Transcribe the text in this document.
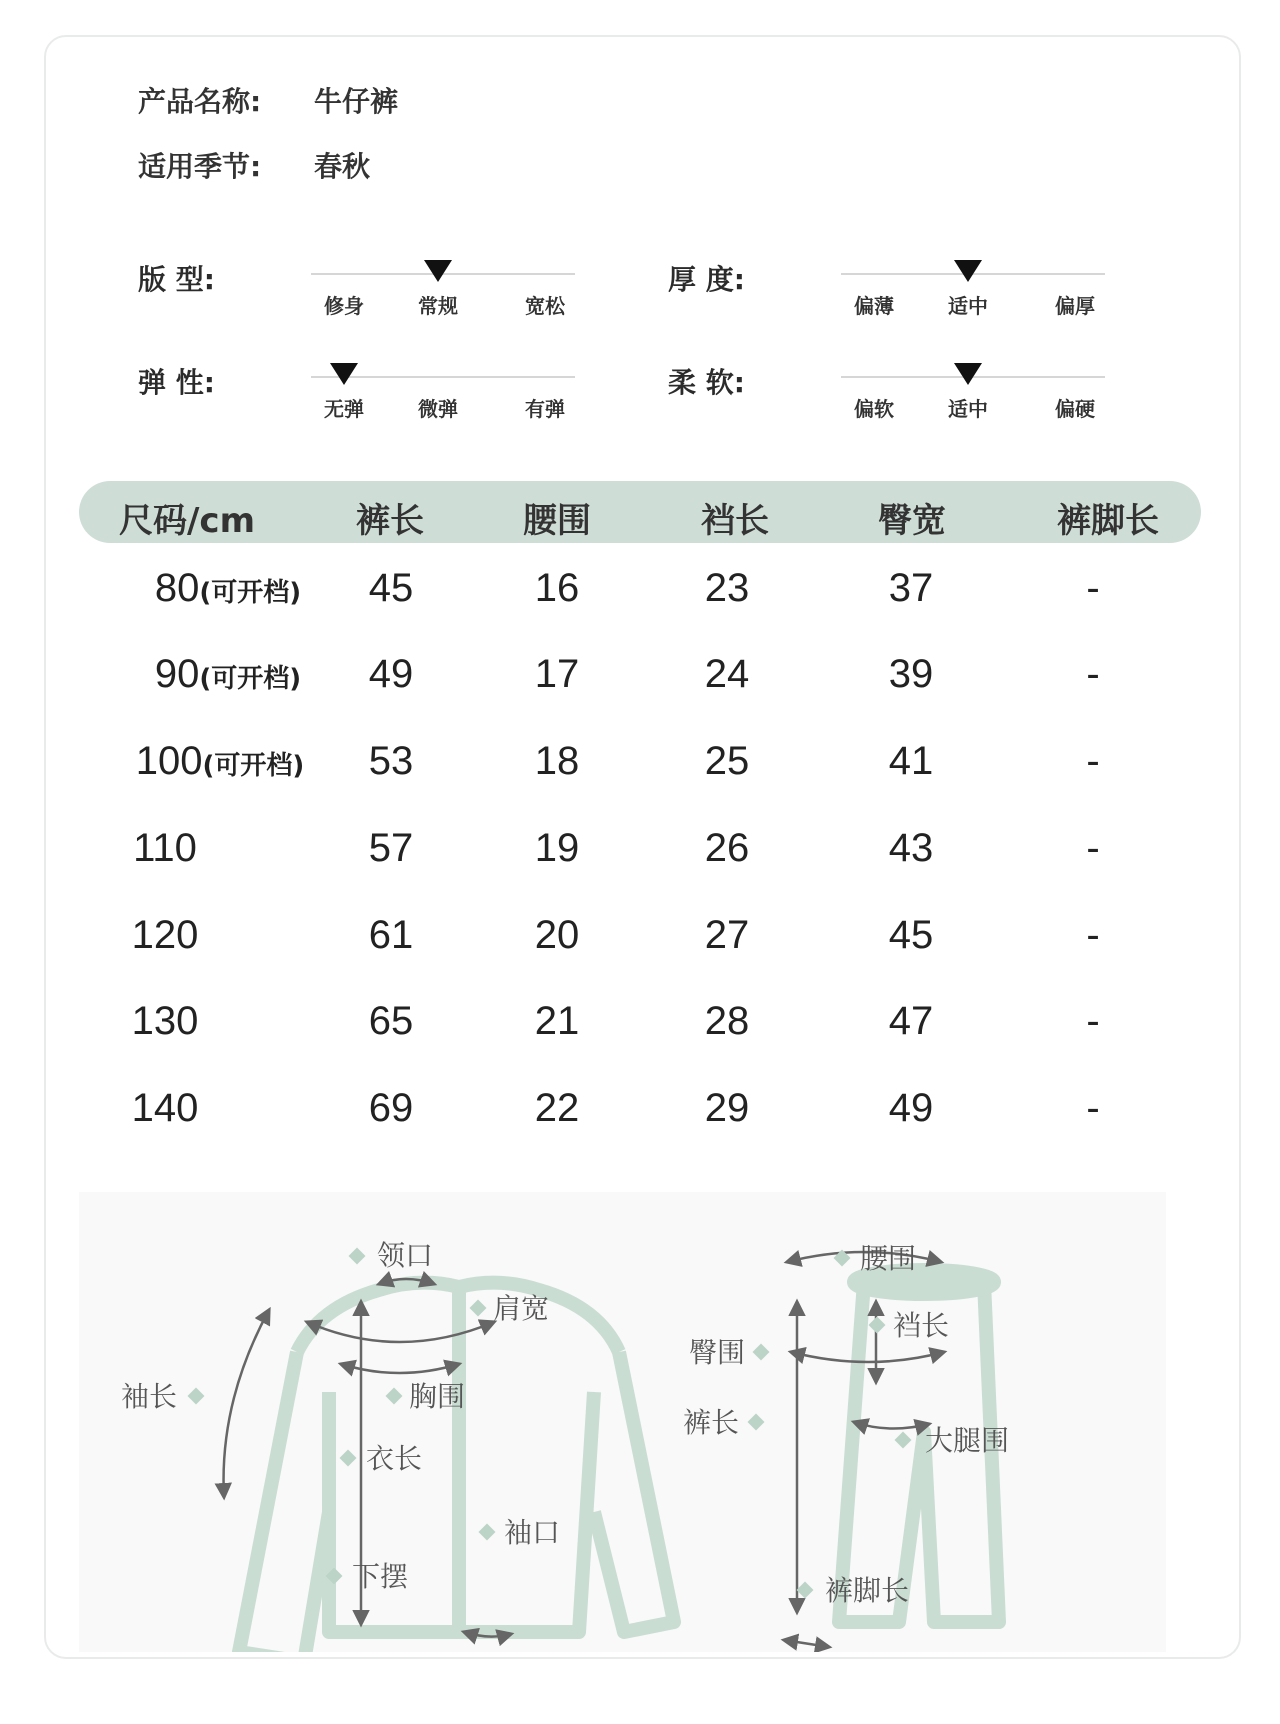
产品名称: 牛仔裤
适用季节: 春秋
版 型:
修身	常规	宽松
厚 度:
偏薄	适中	偏厚
弹 性:
无弹	微弹	有弹
柔 软:
偏软	适中	偏硬
尺码/cm	裤长	腰围	裆长	臀宽	裤脚长
80(可开档) 45	16	23	37	-
90(可开档) 49	17	24	39	-
100(可开档) 53	18	25	41	-
110	57	19	26	43	-
120	61	20	27	45	-
130	65	21	28	47	-
140	69	22	29	49	-
领口
肩宽
袖长	胸围
衣长
袖口
下摆
腰围
裆长
臀围
裤长
大腿围
裤脚长
